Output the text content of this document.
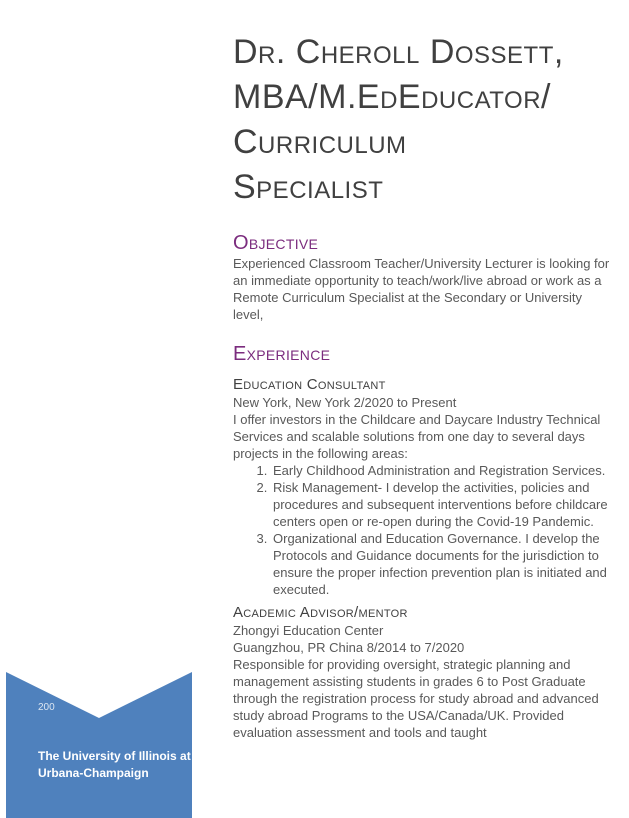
ITY
200
The University of Illinois at Urbana-Champaign
Dr. Cheroll Dossett,
MBA/M.EdEducator/
Curriculum
Specialist
Objective

Experienced Classroom Teacher/University Lecturer is looking for an immediate opportunity to teach/work/live abroad or work as a Remote Curriculum Specialist at the Secondary or University level,

Experience
Education Consultant

New York, New York 2/2020 to Present

I offer investors in the Childcare and Daycare Industry Technical Services and scalable solutions from one day to several days projects in the following areas:

1. Early Childhood Administration and Registration Services.
2. Risk Management- I develop the activities, policies and procedures and subsequent interventions before childcare centers open or re-open during the Covid-19 Pandemic.
3. Organizational and Education Governance. I develop the Protocols and Guidance documents for the jurisdiction to ensure the proper infection prevention plan is initiated and executed.
Academic Advisor/mentor

Zhongyi Education Center

Guangzhou, PR China 8/2014 to 7/2020

Responsible for providing oversight, strategic planning and management assisting students in grades 6 to Post Graduate through the registration process for study abroad and advanced study abroad Programs to the USA/Canada/UK. Provided evaluation assessment and tools and taught
